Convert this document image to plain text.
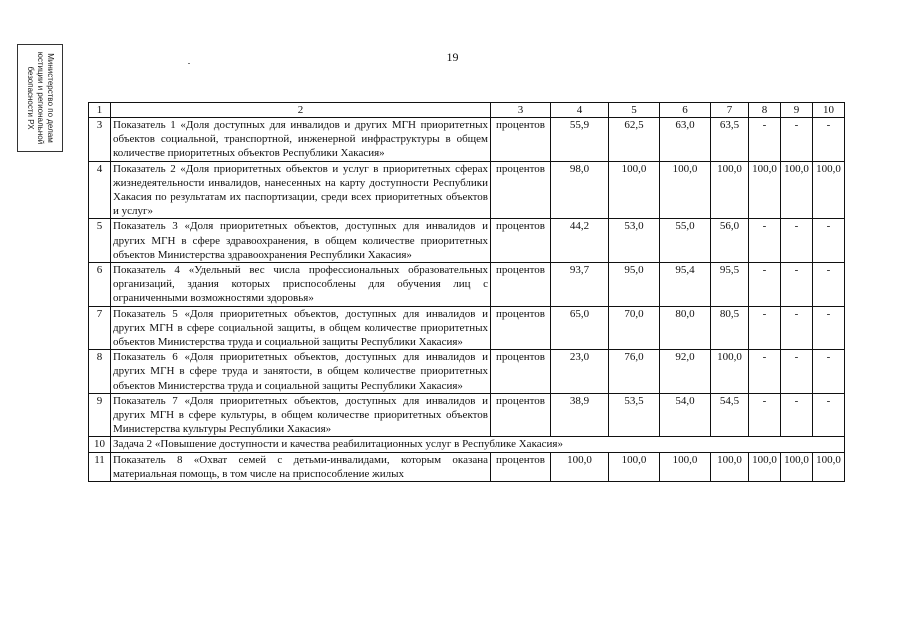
Министерство по делам
юстиции и региональной
безопасности РХ
19
1	2	3	4	5	6	7	8	9	10
3	Показатель 1 «Доля доступных для инвалидов и других МГН приоритетных объектов социальной, транспортной, инженерной инфраструктуры в общем количестве приоритетных объектов Республики Хакасия»	процентов	55,9	62,5	63,0	63,5	-	-	-
4	Показатель 2 «Доля приоритетных объектов и услуг в приоритетных сферах жизнедеятельности инвалидов, нанесенных на карту доступности Республики Хакасия по результатам их паспортизации, среди всех приоритетных объектов и услуг»	процентов	98,0	100,0	100,0	100,0	100,0	100,0	100,0
5	Показатель 3 «Доля приоритетных объектов, доступных для инвалидов и других МГН в сфере здравоохранения, в общем количестве приоритетных объектов Министерства здравоохранения Республики Хакасия»	процентов	44,2	53,0	55,0	56,0	-	-	-
6	Показатель 4 «Удельный вес числа профессиональных образовательных организаций, здания которых приспособлены для обучения лиц с ограниченными возможностями здоровья»	процентов	93,7	95,0	95,4	95,5	-	-	-
7	Показатель 5 «Доля приоритетных объектов, доступных для инвалидов и других МГН в сфере социальной защиты, в общем количестве приоритетных объектов Министерства труда и социальной защиты Республики Хакасия»	процентов	65,0	70,0	80,0	80,5	-	-	-
8	Показатель 6 «Доля приоритетных объектов, доступных для инвалидов и других МГН в сфере труда и занятости, в общем количестве приоритетных объектов Министерства труда и социальной защиты Республики Хакасия»	процентов	23,0	76,0	92,0	100,0	-	-	-
9	Показатель 7 «Доля приоритетных объектов, доступных для инвалидов и других МГН в сфере культуры, в общем количестве приоритетных объектов Министерства культуры Республики Хакасия»	процентов	38,9	53,5	54,0	54,5	-	-	-
10	Задача 2 «Повышение доступности и качества реабилитационных услуг в Республике Хакасия»								
11	Показатель 8 «Охват семей с детьми-инвалидами, которым оказана материальная помощь, в том числе на приспособление жилых	процентов	100,0	100,0	100,0	100,0	100,0	100,0	100,0
